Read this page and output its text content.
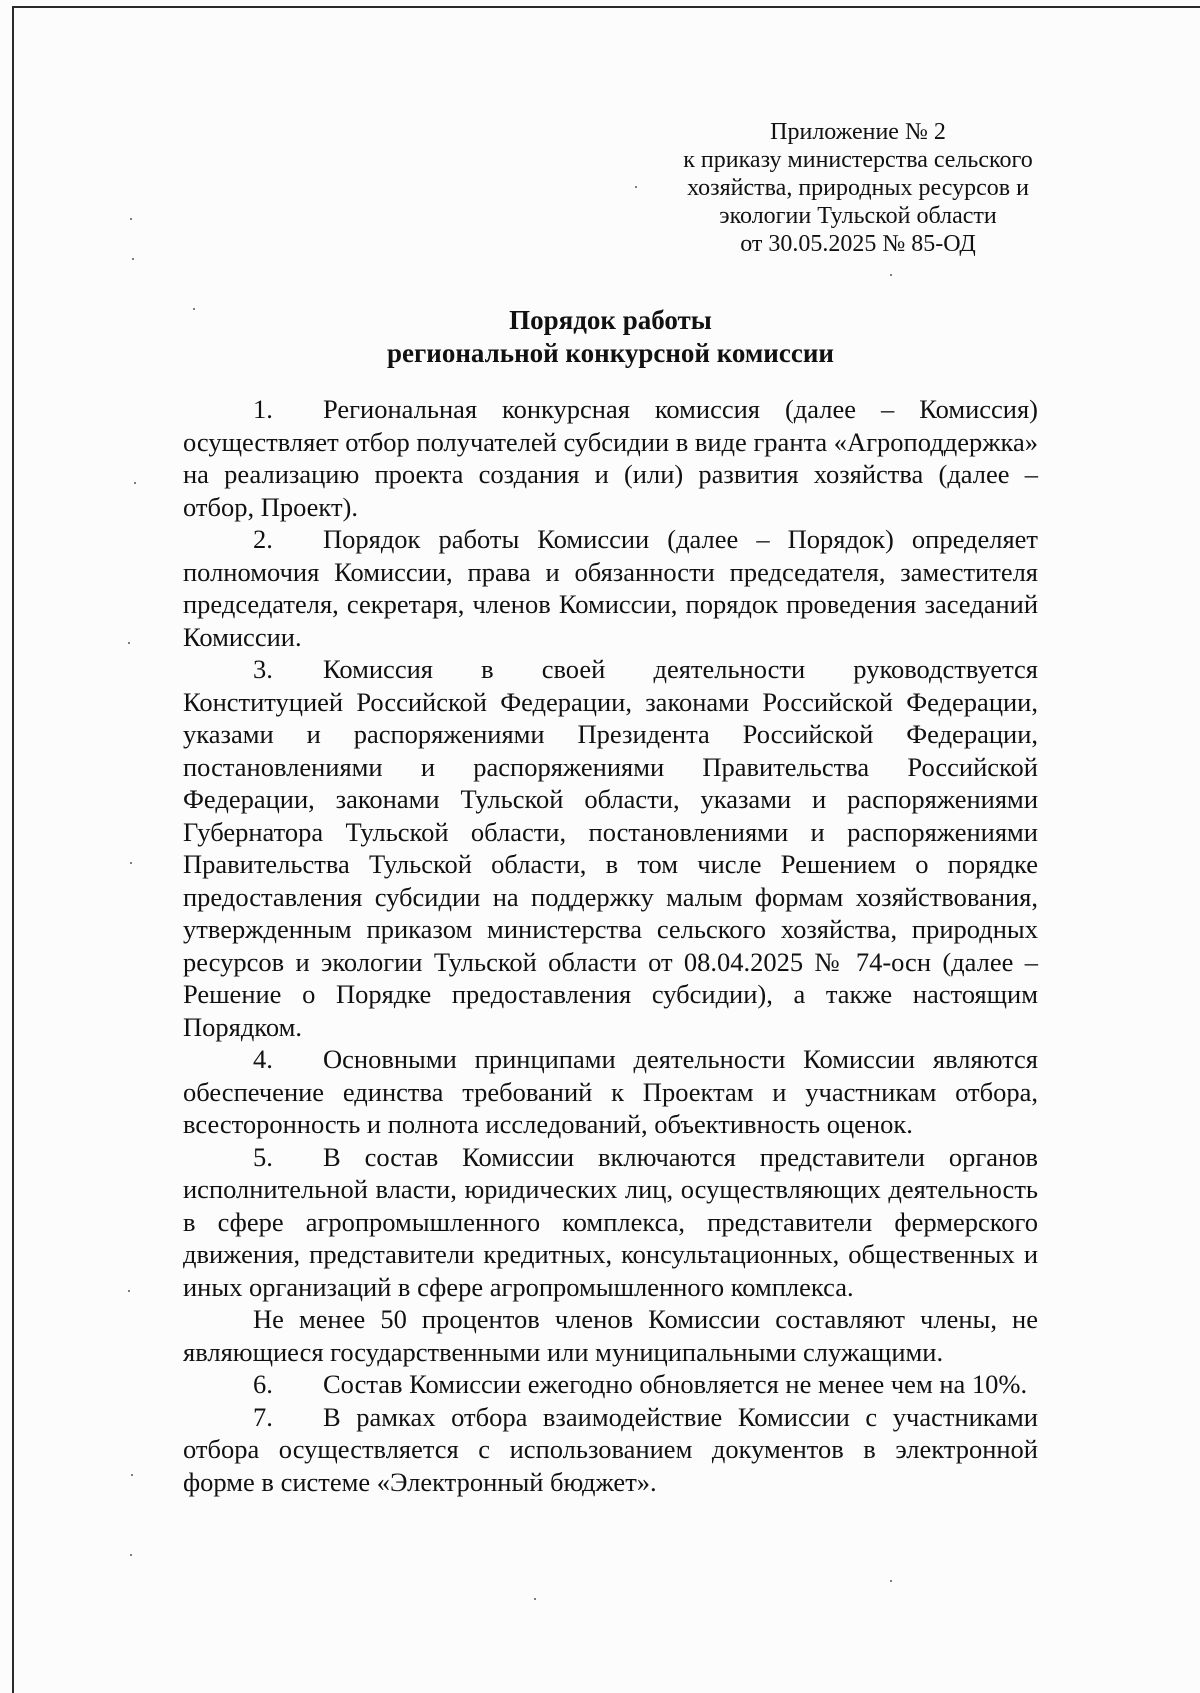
Приложение № 2
к приказу министерства сельского
хозяйства, природных ресурсов и
экологии Тульской области
от 30.05.2025 № 85-ОД
Порядок работы
региональной конкурсной комиссии

1. Региональная конкурсная комиссия (далее – Комиссия) осуществляет отбор получателей субсидии в виде гранта «Агроподдержка» на реализацию проекта создания и (или) развития хозяйства (далее – отбор, Проект).

2. Порядок работы Комиссии (далее – Порядок) определяет полномочия Комиссии, права и обязанности председателя, заместителя председателя, секретаря, членов Комиссии, порядок проведения заседаний Комиссии.

3. Комиссия в своей деятельности руководствуется Конституцией Российской Федерации, законами Российской Федерации, указами и распоряжениями Президента Российской Федерации, постановлениями и распоряжениями Правительства Российской Федерации, законами Тульской области, указами и распоряжениями Губернатора Тульской области, постановлениями и распоряжениями Правительства Тульской области, в том числе Решением о порядке предоставления субсидии на поддержку малым формам хозяйствования, утвержденным приказом министерства сельского хозяйства, природных ресурсов и экологии Тульской области от 08.04.2025 № 74-осн (далее – Решение о Порядке предоставления субсидии), а также настоящим Порядком.

4. Основными принципами деятельности Комиссии являются обеспечение единства требований к Проектам и участникам отбора, всесторонность и полнота исследований, объективность оценок.

5. В состав Комиссии включаются представители органов исполнительной власти, юридических лиц, осуществляющих деятельность в сфере агропромышленного комплекса, представители фермерского движения, представители кредитных, консультационных, общественных и иных организаций в сфере агропромышленного комплекса.

Не менее 50 процентов членов Комиссии составляют члены, не являющиеся государственными или муниципальными служащими.

6. Состав Комиссии ежегодно обновляется не менее чем на 10%.

7. В рамках отбора взаимодействие Комиссии с участниками отбора осуществляется с использованием документов в электронной форме в системе «Электронный бюджет».
